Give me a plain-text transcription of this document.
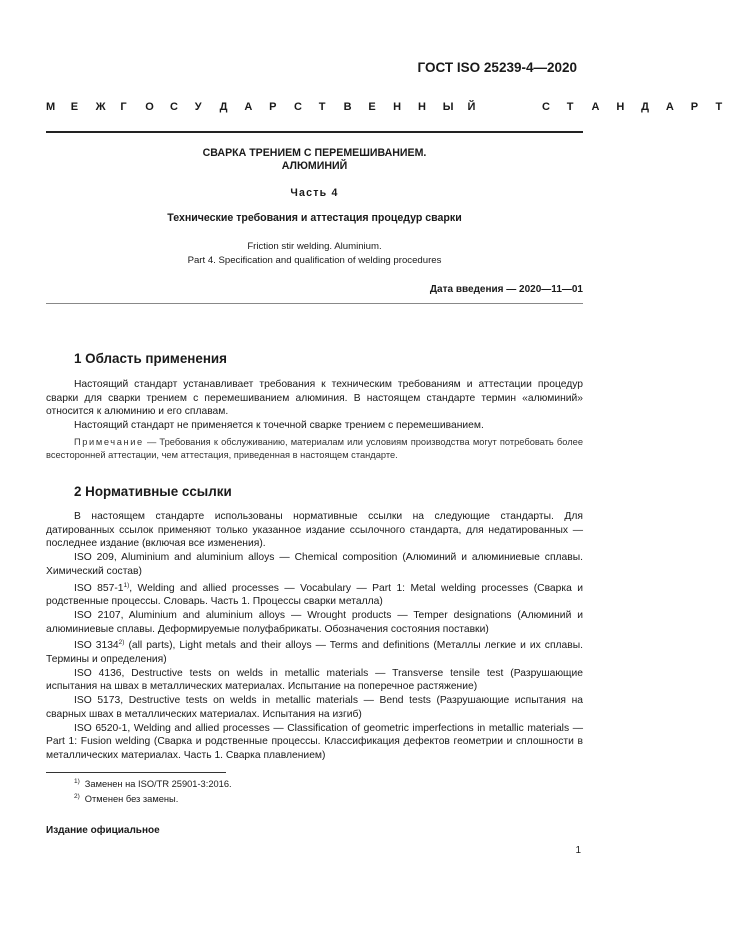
ГОСТ ISO 25239-4—2020
М Е Ж Г О С У Д А Р С Т В Е Н Н Ы Й	С Т А Н Д А Р Т
СВАРКА ТРЕНИЕМ С ПЕРЕМЕШИВАНИЕМ.
АЛЮМИНИЙ
Часть 4
Технические требования и аттестация процедур сварки
Friction stir welding. Aluminium.
Part 4. Specification and qualification of welding procedures
Дата введения — 2020—11—01
1 Область применения

Настоящий стандарт устанавливает требования к техническим требованиям и аттестации процедур сварки для сварки трением с перемешиванием алюминия. В настоящем стандарте термин «алюминий» относится к алюминию и его сплавам.

Настоящий стандарт не применяется к точечной сварке трением с перемешиванием.

Примечание — Требования к обслуживанию, материалам или условиям производства могут потребовать более всесторонней аттестации, чем аттестация, приведенная в настоящем стандарте.

2 Нормативные ссылки

В настоящем стандарте использованы нормативные ссылки на следующие стандарты. Для датированных ссылок применяют только указанное издание ссылочного стандарта, для недатированных — последнее издание (включая все изменения).

ISO 209, Aluminium and aluminium alloys — Chemical composition (Алюминий и алюминиевые сплавы. Химический состав)

ISO 857-1$^{1)}$, Welding and allied processes — Vocabulary — Part 1: Metal welding processes (Сварка и родственные процессы. Словарь. Часть 1. Процессы сварки металла)

ISO 2107, Aluminium and aluminium alloys — Wrought products — Temper designations (Алюминий и алюминиевые сплавы. Деформируемые полуфабрикаты. Обозначения состояния поставки)

ISO 3134$^{2)}$ (all parts), Light metals and their alloys — Terms and definitions (Металлы легкие и их сплавы. Термины и определения)

ISO 4136, Destructive tests on welds in metallic materials — Transverse tensile test (Разрушающие испытания на швах в металлических материалах. Испытание на поперечное растяжение)

ISO 5173, Destructive tests on welds in metallic materials — Bend tests (Разрушающие испытания на сварных швах в металлических материалах. Испытания на изгиб)

ISO 6520-1, Welding and allied processes — Classification of geometric imperfections in metallic materials — Part 1: Fusion welding (Сварка и родственные процессы. Классификация дефектов геометрии и сплошности в металлических материалах. Часть 1. Сварка плавлением)

$^{1)}$ Заменен на ISO/TR 25901-3:2016.
$^{2)}$ Отменен без замены.
Издание официальное
1
